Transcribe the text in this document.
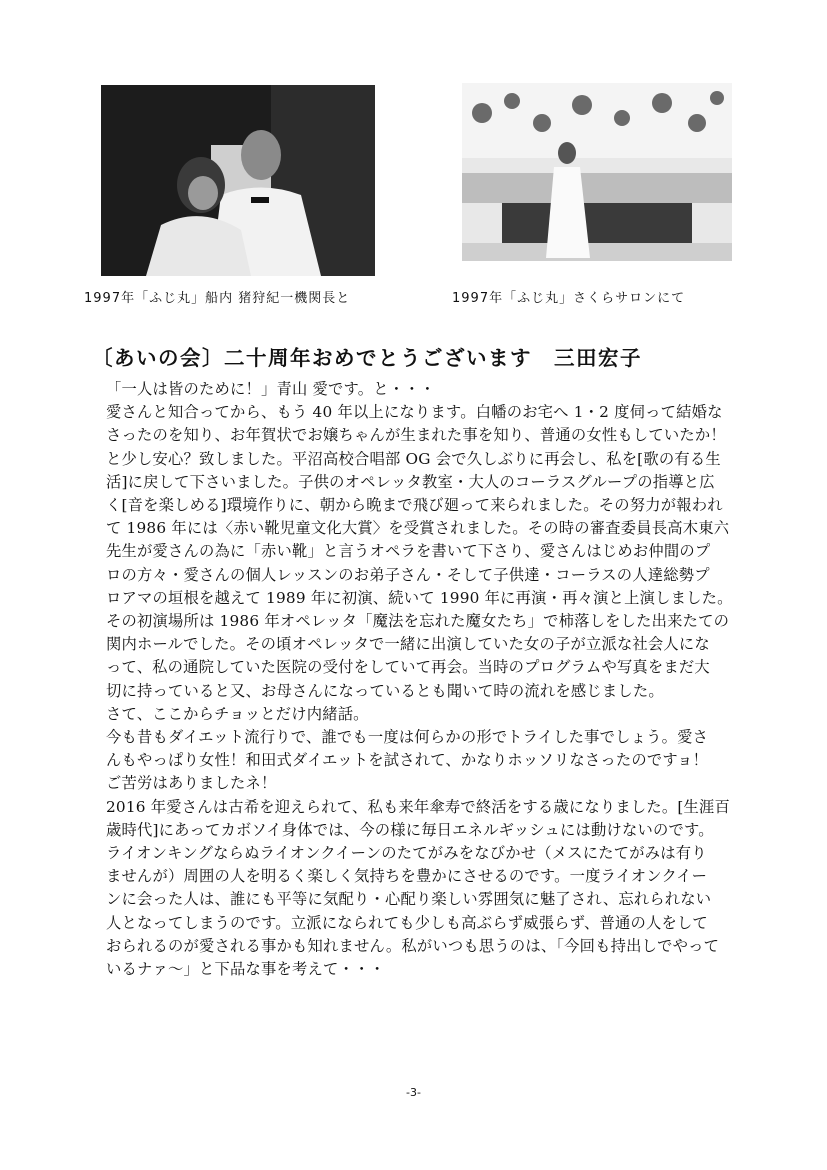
1997年「ふじ丸」船内 猪狩紀一機関長と	1997年「ふじ丸」さくらサロンにて
〔あいの会〕二十周年おめでとうございます　三田宏子
「一人は皆のために！」青山 愛です。と・・・
愛さんと知合ってから、もう 40 年以上になります。白幡のお宅へ 1・2 度伺って結婚な
さったのを知り、お年賀状でお嬢ちゃんが生まれた事を知り、普通の女性もしていたか！
と少し安心？致しました。平沼高校合唱部 OG 会で久しぶりに再会し、私を[歌の有る生
活]に戻して下さいました。子供のオペレッタ教室・大人のコーラスグループの指導と広
く[音を楽しめる]環境作りに、朝から晩まで飛び廻って来られました。その努力が報われ
て 1986 年には〈赤い靴児童文化大賞〉を受賞されました。その時の審査委員長高木東六
先生が愛さんの為に「赤い靴」と言うオペラを書いて下さり、愛さんはじめお仲間のプ
ロの方々・愛さんの個人レッスンのお弟子さん・そして子供達・コーラスの人達総勢プ
ロアマの垣根を越えて 1989 年に初演、続いて 1990 年に再演・再々演と上演しました。
その初演場所は 1986 年オペレッタ「魔法を忘れた魔女たち」で柿落しをした出来たての
関内ホールでした。その頃オペレッタで一緒に出演していた女の子が立派な社会人にな
って、私の通院していた医院の受付をしていて再会。当時のプログラムや写真をまだ大
切に持っていると又、お母さんになっているとも聞いて時の流れを感じました。
さて、ここからチョッとだけ内緒話。
今も昔もダイエット流行りで、誰でも一度は何らかの形でトライした事でしょう。愛さ
んもやっぱり女性！和田式ダイエットを試されて、かなりホッソリなさったのですョ！
ご苦労はありましたネ！
2016 年愛さんは古希を迎えられて、私も来年傘寿で終活をする歳になりました。[生涯百
歳時代]にあってカボソイ身体では、今の様に毎日エネルギッシュには動けないのです。
ライオンキングならぬライオンクイーンのたてがみをなびかせ（メスにたてがみは有り
ませんが）周囲の人を明るく楽しく気持ちを豊かにさせるのです。一度ライオンクイー
ンに会った人は、誰にも平等に気配り・心配り楽しい雰囲気に魅了され、忘れられない
人となってしまうのです。立派になられても少しも高ぶらず威張らず、普通の人をして
おられるのが愛される事かも知れません。私がいつも思うのは、「今回も持出しでやって
いるナァ～」と下品な事を考えて・・・
-3-
